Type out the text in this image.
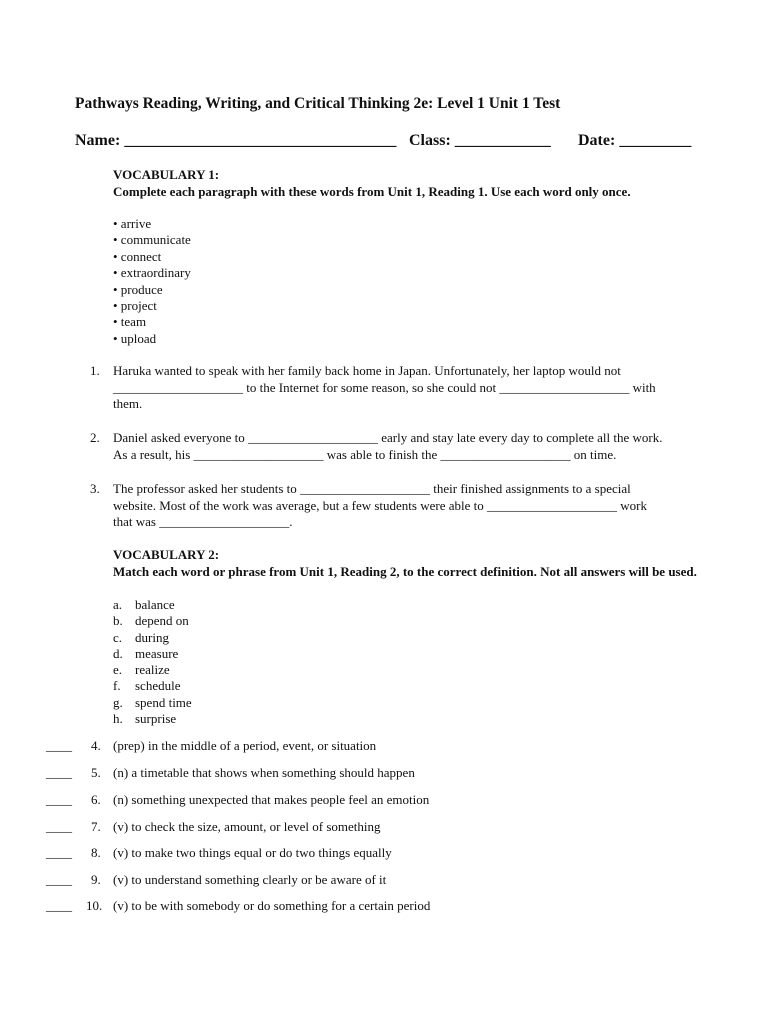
Pathways Reading, Writing, and Critical Thinking 2e: Level 1 Unit 1 Test
Name: __________________________________ Class: ____________ Date: _________
VOCABULARY 1:
Complete each paragraph with these words from Unit 1, Reading 1. Use each word only once.
• arrive
• communicate
• connect
• extraordinary
• produce
• project
• team
• upload
1. Haruka wanted to speak with her family back home in Japan. Unfortunately, her laptop would not
____________________ to the Internet for some reason, so she could not ____________________ with
them.
2. Daniel asked everyone to ____________________ early and stay late every day to complete all the work.
As a result, his ____________________ was able to finish the ____________________ on time.
3. The professor asked her students to ____________________ their finished assignments to a special
website. Most of the work was average, but a few students were able to ____________________ work
that was ____________________.
VOCABULARY 2:
Match each word or phrase from Unit 1, Reading 2, to the correct definition. Not all answers will be used.
a. balance
b. depend on
c. during
d. measure
e. realize
f. schedule
g. spend time
h. surprise
____ 4. (prep) in the middle of a period, event, or situation
____ 5. (n) a timetable that shows when something should happen
____ 6. (n) something unexpected that makes people feel an emotion
____ 7. (v) to check the size, amount, or level of something
____ 8. (v) to make two things equal or do two things equally
____ 9. (v) to understand something clearly or be aware of it
____ 10. (v) to be with somebody or do something for a certain period
